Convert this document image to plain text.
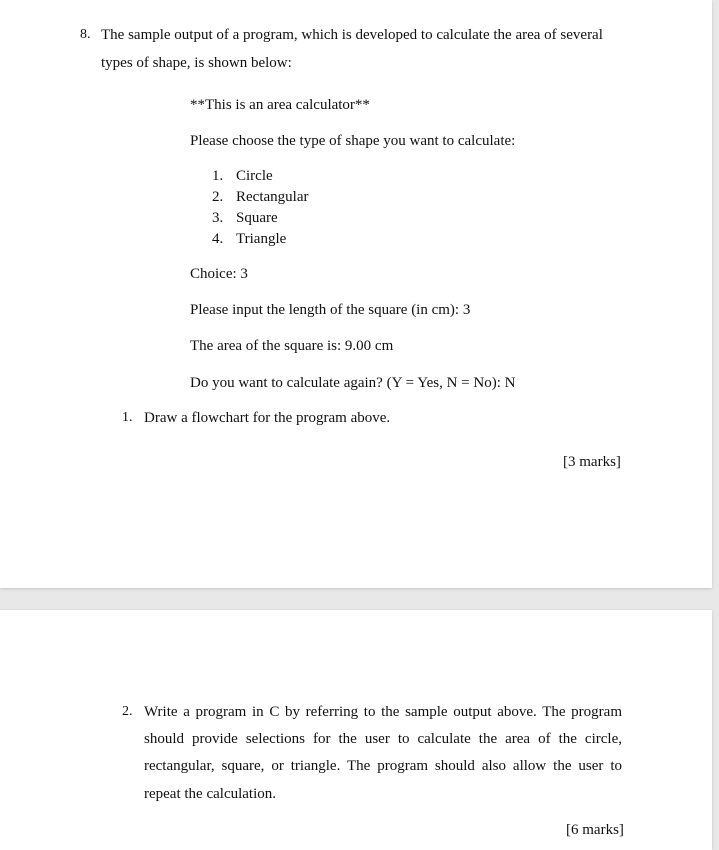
8. The sample output of a program, which is developed to calculate the area of several
types of shape, is shown below:
**This is an area calculator**
Please choose the type of shape you want to calculate:
1. Circle
2. Rectangular
3. Square
4. Triangle
Choice: 3
Please input the length of the square (in cm): 3
The area of the square is: 9.00 cm
Do you want to calculate again? (Y = Yes, N = No): N
1. Draw a flowchart for the program above.
[3 marks]
2. Write a program in C by referring to the sample output above. The program
should provide selections for the user to calculate the area of the circle,
rectangular, square, or triangle. The program should also allow the user to
repeat the calculation.
[6 marks]
